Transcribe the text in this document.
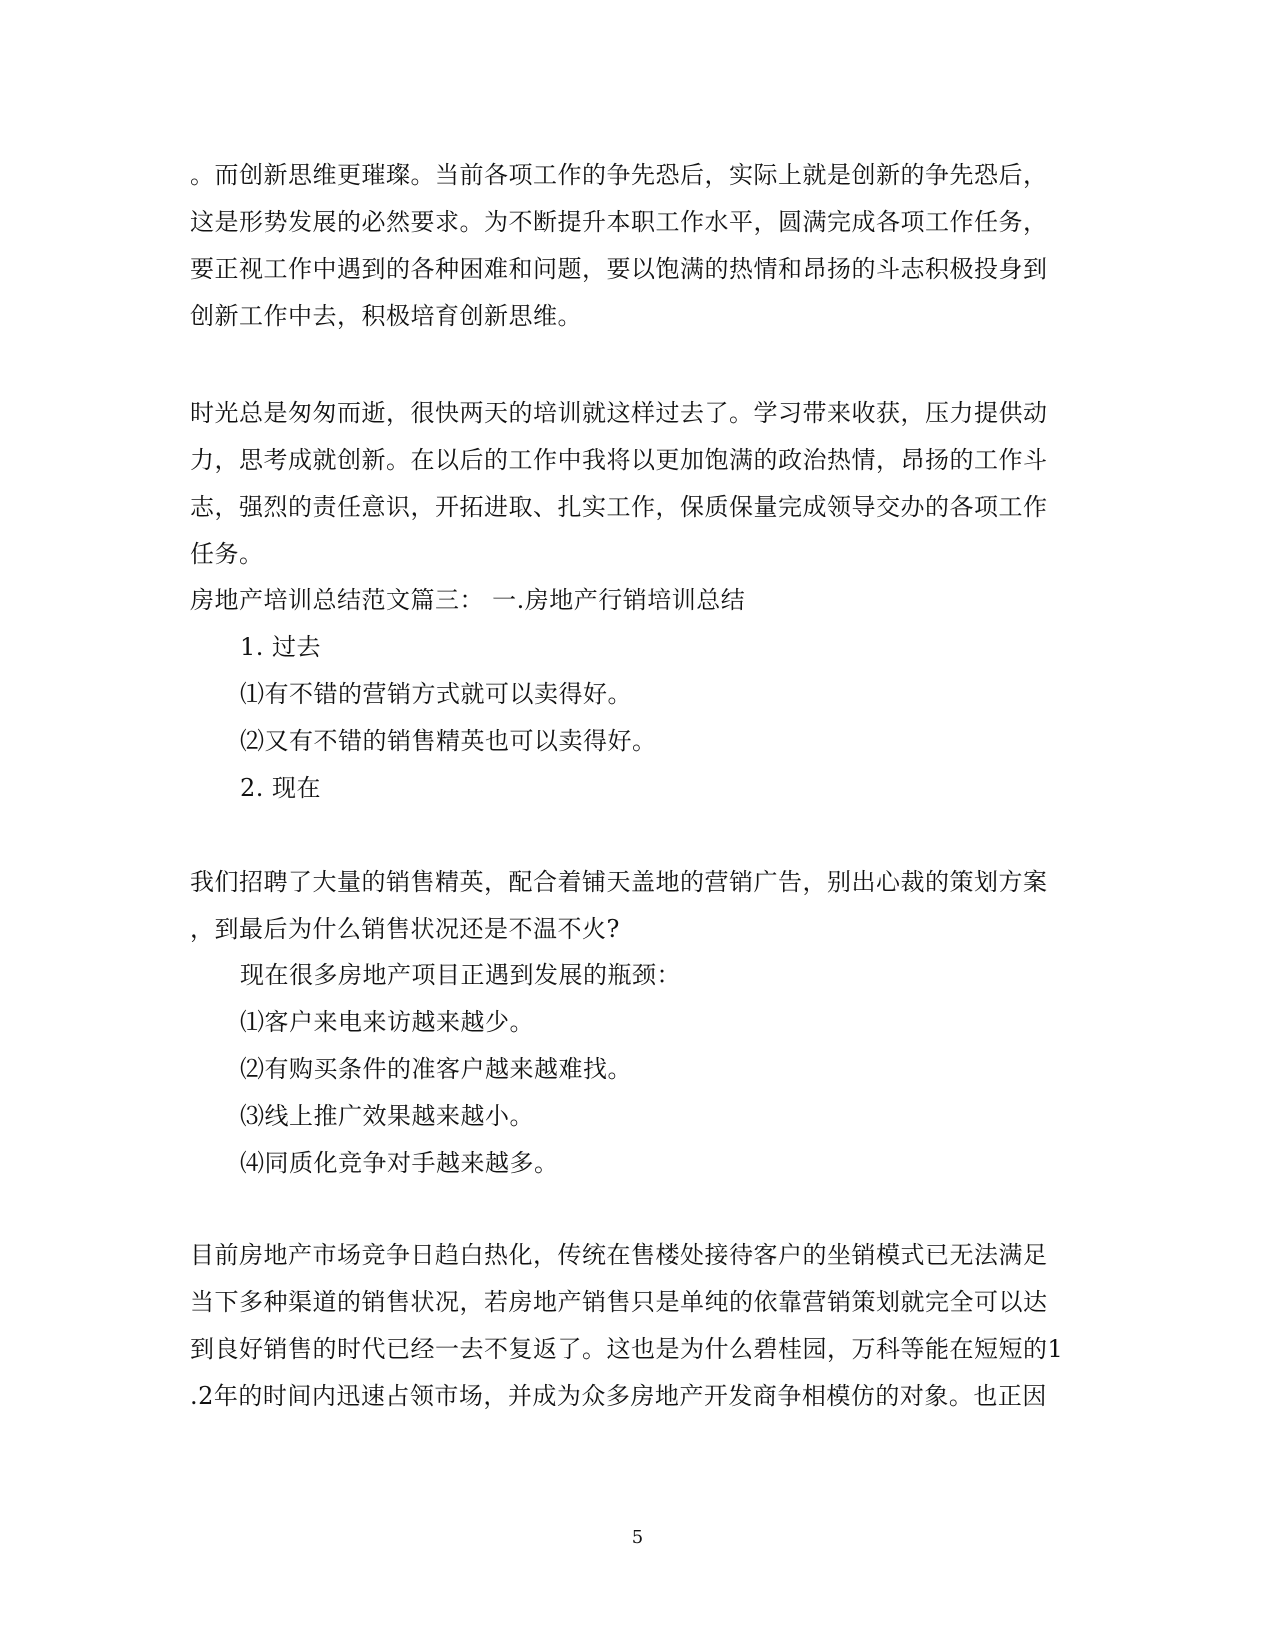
。而创新思维更璀璨。当前各项工作的争先恐后，实际上就是创新的争先恐后，
这是形势发展的必然要求。为不断提升本职工作水平，圆满完成各项工作任务，
要正视工作中遇到的各种困难和问题，要以饱满的热情和昂扬的斗志积极投身到
创新工作中去，积极培育创新思维。
时光总是匆匆而逝，很快两天的培训就这样过去了。学习带来收获，压力提供动
力，思考成就创新。在以后的工作中我将以更加饱满的政治热情，昂扬的工作斗
志，强烈的责任意识，开拓进取、扎实工作，保质保量完成领导交办的各项工作
任务。
房地产培训总结范文篇三： 一.房地产行销培训总结
1. 过去
⑴有不错的营销方式就可以卖得好。
⑵又有不错的销售精英也可以卖得好。
2. 现在
我们招聘了大量的销售精英，配合着铺天盖地的营销广告，别出心裁的策划方案
，到最后为什么销售状况还是不温不火?
现在很多房地产项目正遇到发展的瓶颈：
⑴客户来电来访越来越少。
⑵有购买条件的准客户越来越难找。
⑶线上推广效果越来越小。
⑷同质化竞争对手越来越多。
目前房地产市场竞争日趋白热化，传统在售楼处接待客户的坐销模式已无法满足
当下多种渠道的销售状况，若房地产销售只是单纯的依靠营销策划就完全可以达
到良好销售的时代已经一去不复返了。这也是为什么碧桂园，万科等能在短短的1
.2年的时间内迅速占领市场，并成为众多房地产开发商争相模仿的对象。也正因
5
